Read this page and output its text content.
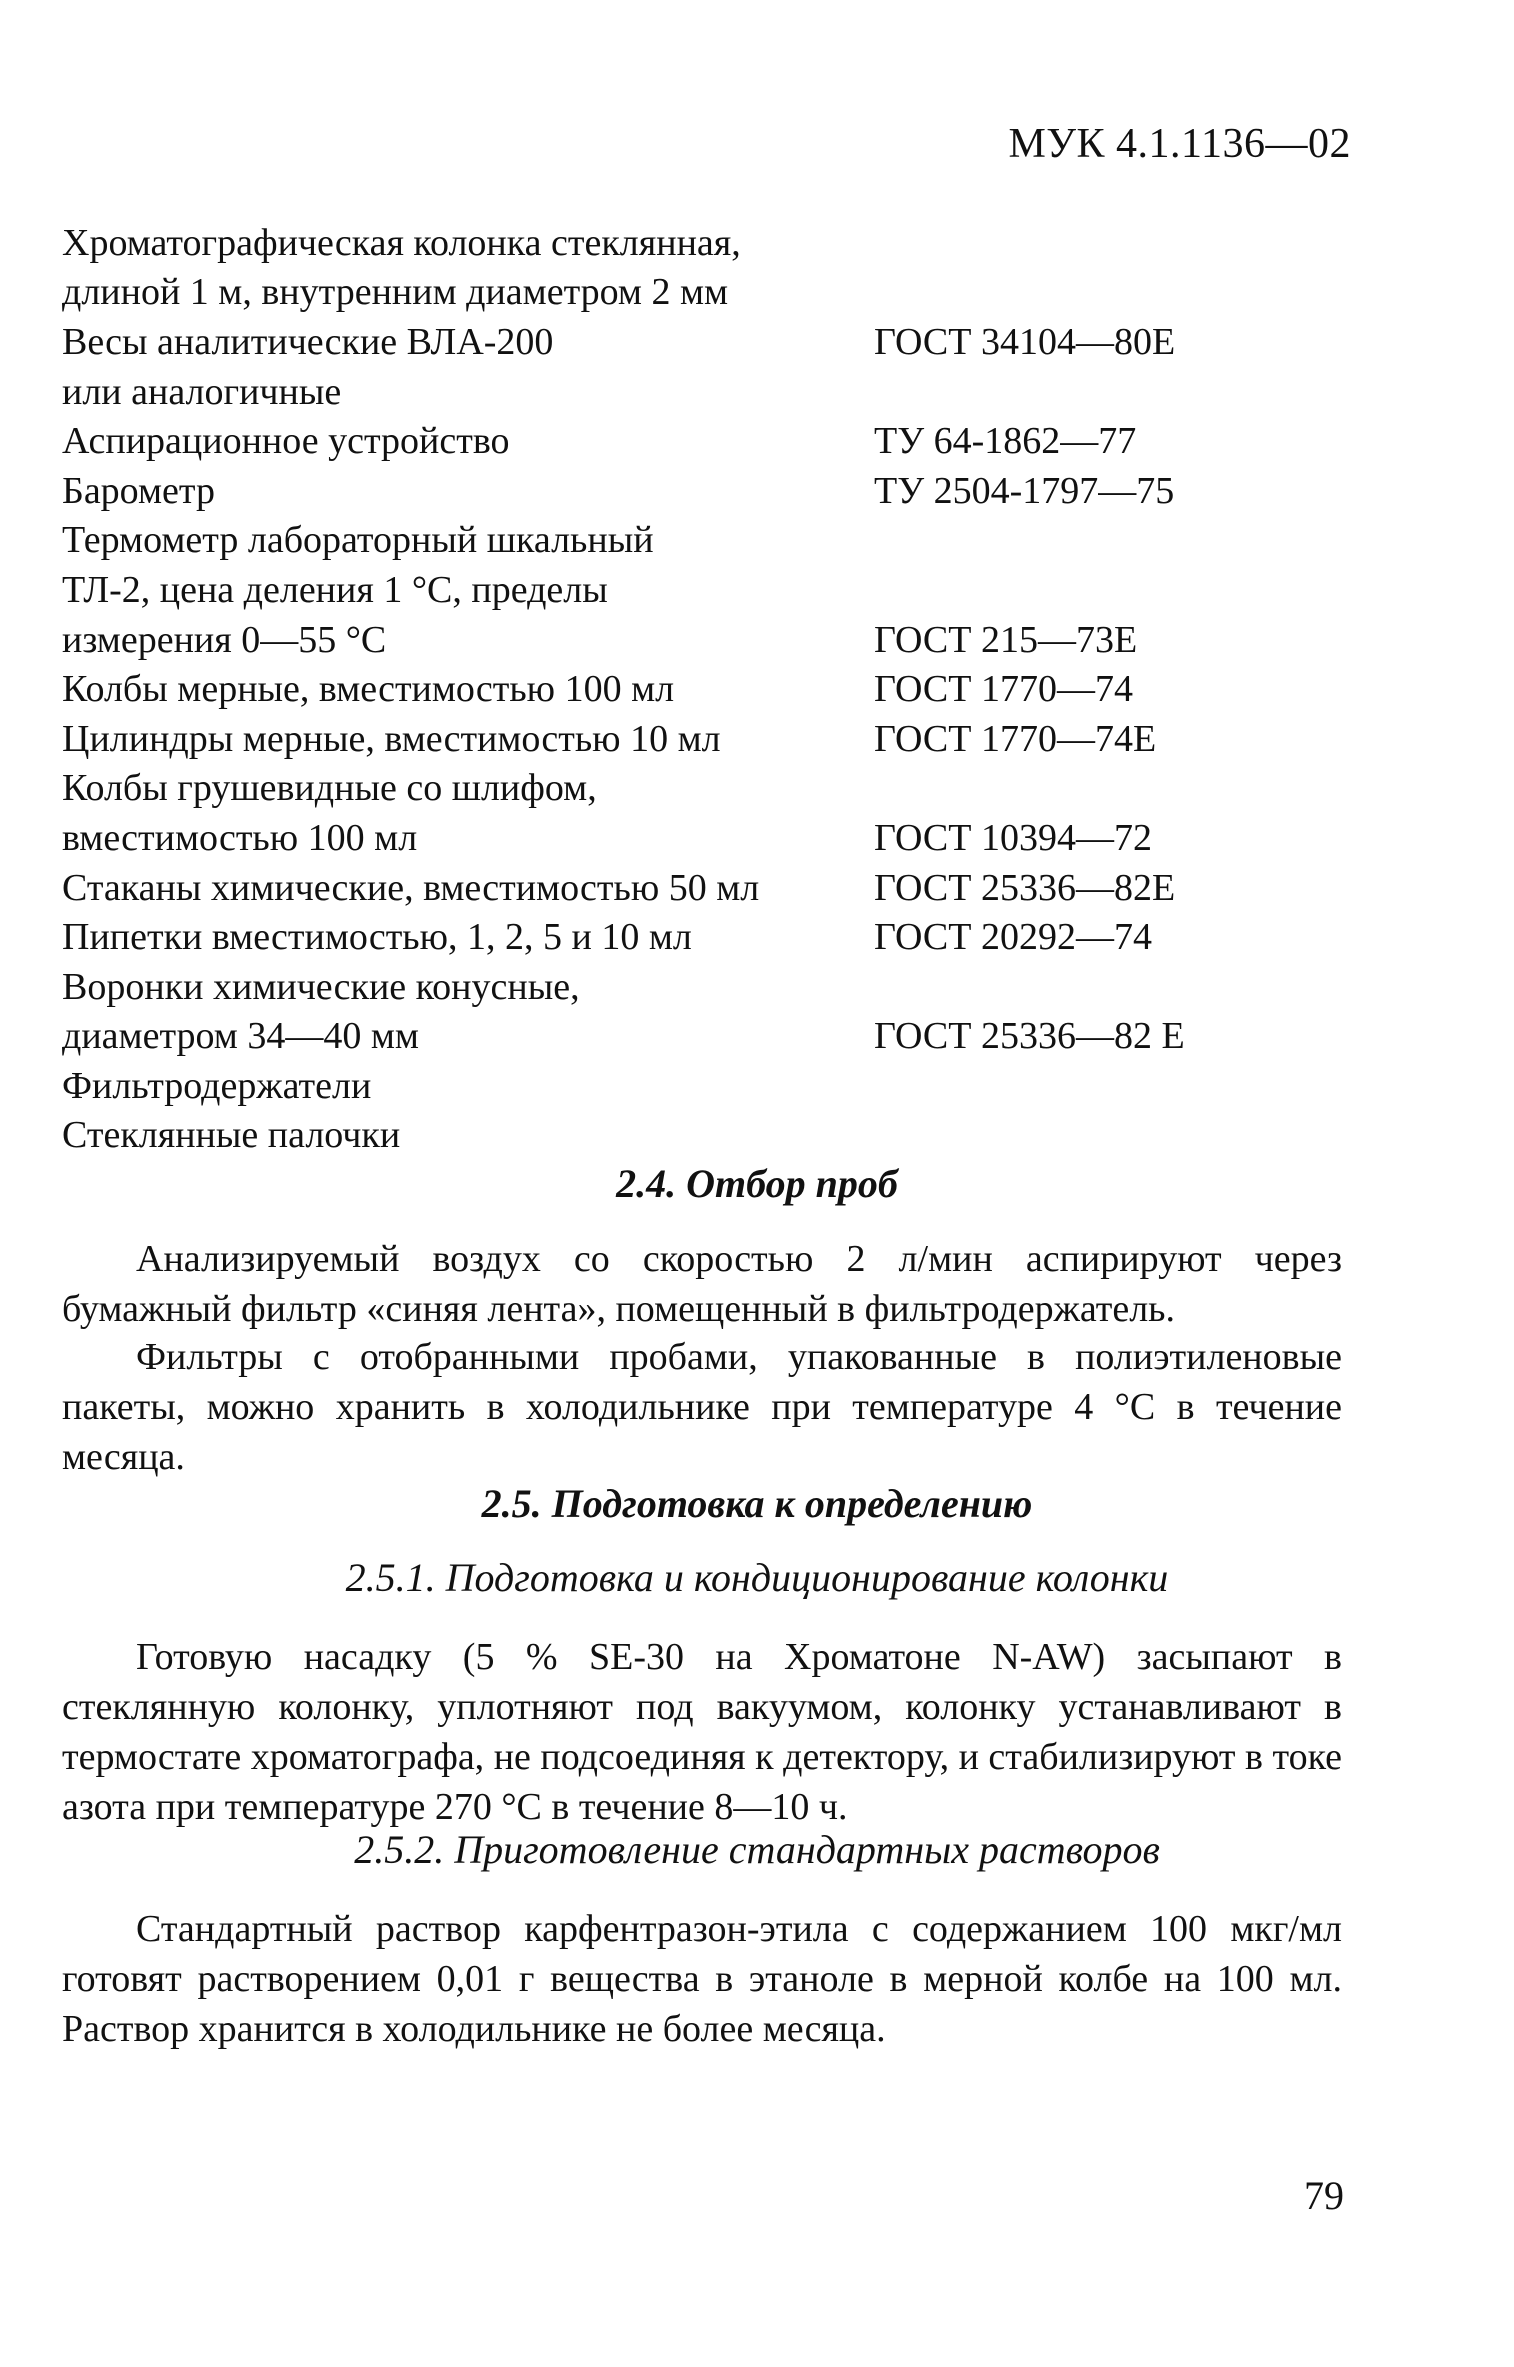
МУК 4.1.1136—02
Хроматографическая колонка стеклянная,
длиной 1 м, внутренним диаметром 2 мм
Весы аналитические ВЛА-200	ГОСТ 34104—80Е
или аналогичные
Аспирационное устройство	ТУ 64-1862—77
Барометр	ТУ 2504-1797—75
Термометр лабораторный шкальный
ТЛ-2, цена деления 1 °С, пределы
измерения 0—55 °С	ГОСТ 215—73Е
Колбы мерные, вместимостью 100 мл	ГОСТ 1770—74
Цилиндры мерные, вместимостью 10 мл	ГОСТ 1770—74Е
Колбы грушевидные со шлифом,
вместимостью 100 мл	ГОСТ 10394—72
Стаканы химические, вместимостью 50 мл	ГОСТ 25336—82Е
Пипетки вместимостью, 1, 2, 5 и 10 мл	ГОСТ 20292—74
Воронки химические конусные,
диаметром 34—40 мм	ГОСТ 25336—82 Е
Фильтродержатели
Стеклянные палочки
2.4. Отбор проб

Анализируемый воздух со скоростью 2 л/мин аспирируют через бумажный фильтр «синяя лента», помещенный в фильтродержатель.

Фильтры с отобранными пробами, упакованные в полиэтиленовые пакеты, можно хранить в холодильнике при температуре 4 °С в течение месяца.

2.5. Подготовка к определению
2.5.1. Подготовка и кондиционирование колонки

Готовую насадку (5 % SE-30 на Хроматоне N-AW) засыпают в стеклянную колонку, уплотняют под вакуумом, колонку устанавливают в термостате хроматографа, не подсоединяя к детектору, и стабилизируют в токе азота при температуре 270 °С в течение 8—10 ч.

2.5.2. Приготовление стандартных растворов

Стандартный раствор карфентразон-этила с содержанием 100 мкг/мл готовят растворением 0,01 г вещества в этаноле в мерной колбе на 100 мл. Раствор хранится в холодильнике не более месяца.

79
